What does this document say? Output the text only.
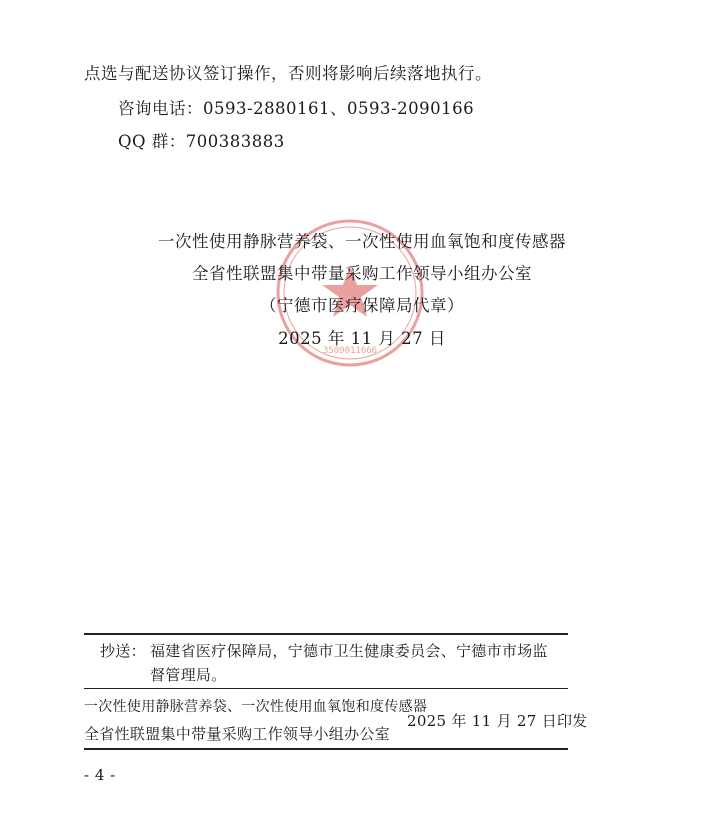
点选与配送协议签订操作，否则将影响后续落地执行。
咨询电话：0593-2880161、0593-2090166
QQ 群：700383883
3509011666
一次性使用静脉营养袋、一次性使用血氧饱和度传感器
全省性联盟集中带量采购工作领导小组办公室
（宁德市医疗保障局代章）
2025 年 11 月 27 日
抄送： 福建省医疗保障局，宁德市卫生健康委员会、宁德市市场监
督管理局。
一次性使用静脉营养袋、一次性使用血氧饱和度传感器
全省性联盟集中带量采购工作领导小组办公室
2025 年 11 月 27 日印发
- 4 -
